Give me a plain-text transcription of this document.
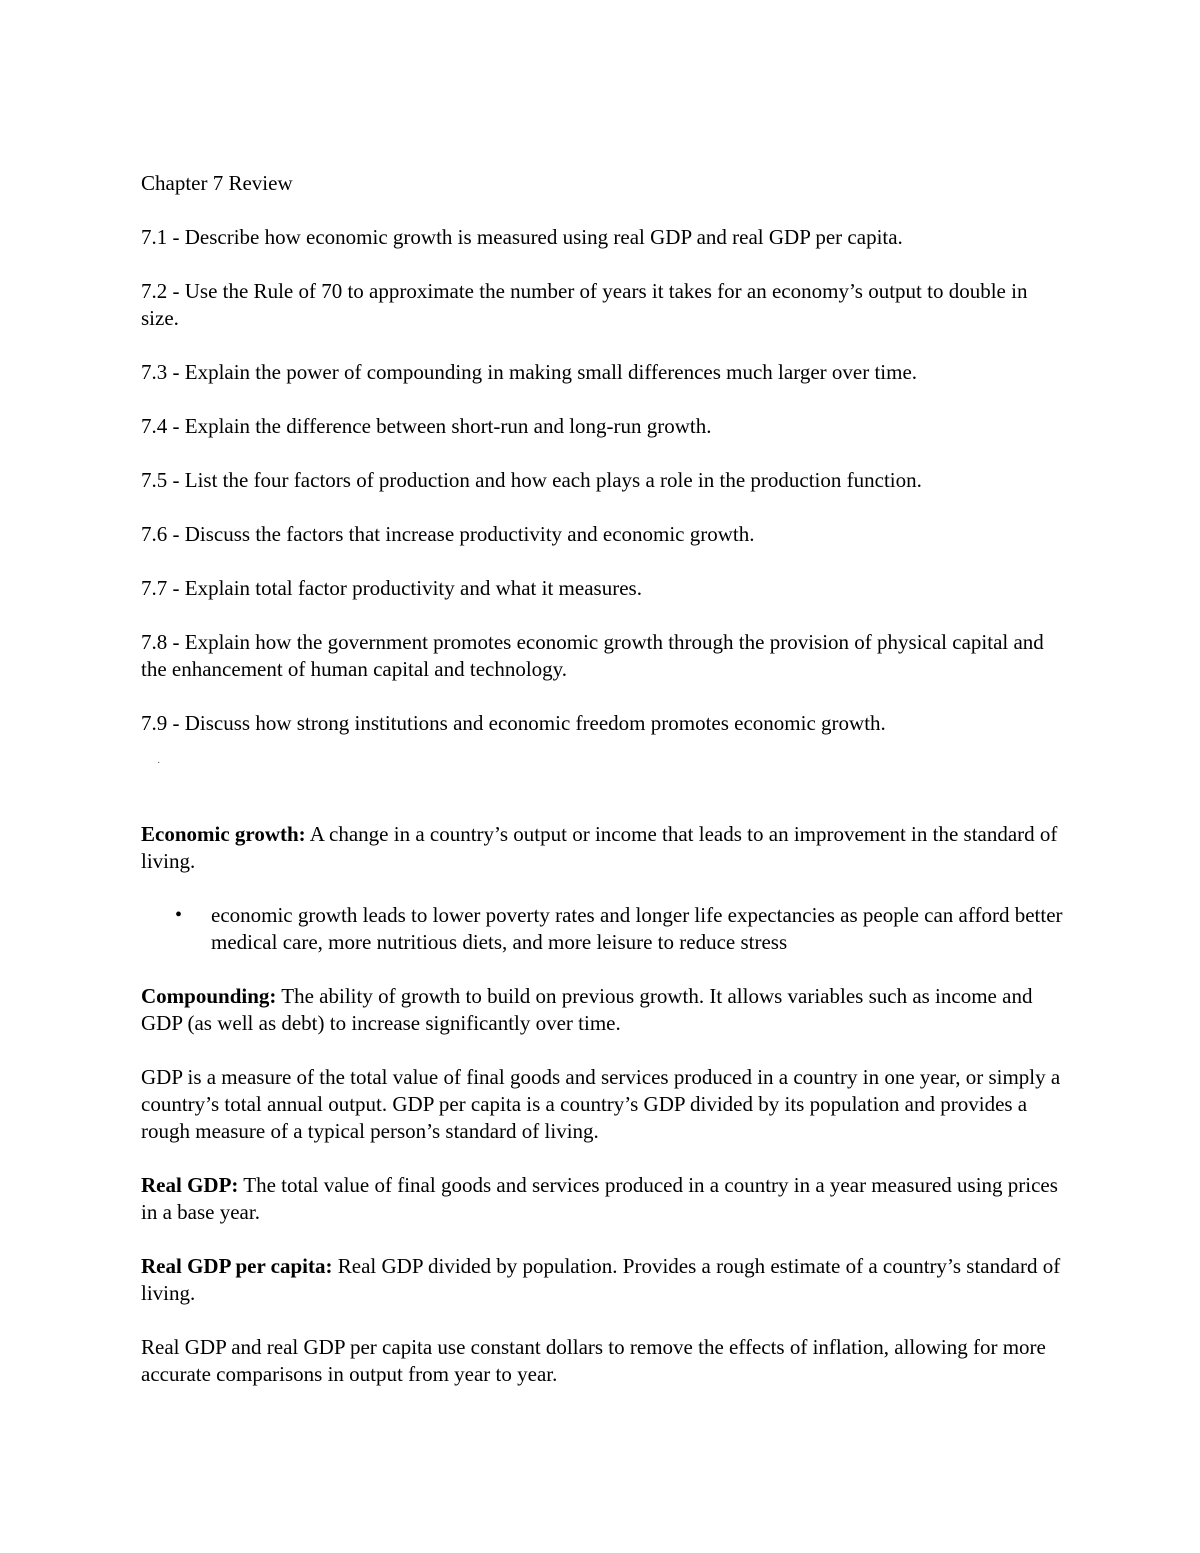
Chapter 7 Review

7.1 - Describe how economic growth is measured using real GDP and real GDP per capita.

7.2 - Use the Rule of 70 to approximate the number of years it takes for an economy’s output to double in size.

7.3 - Explain the power of compounding in making small differences much larger over time.

7.4 - Explain the difference between short-run and long-run growth.

7.5 - List the four factors of production and how each plays a role in the production function.

7.6 - Discuss the factors that increase productivity and economic growth.

7.7 - Explain total factor productivity and what it measures.

7.8 - Explain how the government promotes economic growth through the provision of physical capital and the enhancement of human capital and technology.

7.9 - Discuss how strong institutions and economic freedom promotes economic growth.

·

Economic growth: A change in a country’s output or income that leads to an improvement in the standard of living.

• economic growth leads to lower poverty rates and longer life expectancies as people can afford better medical care, more nutritious diets, and more leisure to reduce stress

Compounding: The ability of growth to build on previous growth. It allows variables such as income and GDP (as well as debt) to increase significantly over time.

GDP is a measure of the total value of final goods and services produced in a country in one year, or simply a country’s total annual output. GDP per capita is a country’s GDP divided by its population and provides a rough measure of a typical person’s standard of living.

Real GDP: The total value of final goods and services produced in a country in a year measured using prices in a base year.

Real GDP per capita: Real GDP divided by population. Provides a rough estimate of a country’s standard of living.

Real GDP and real GDP per capita use constant dollars to remove the effects of inflation, allowing for more accurate comparisons in output from year to year.
